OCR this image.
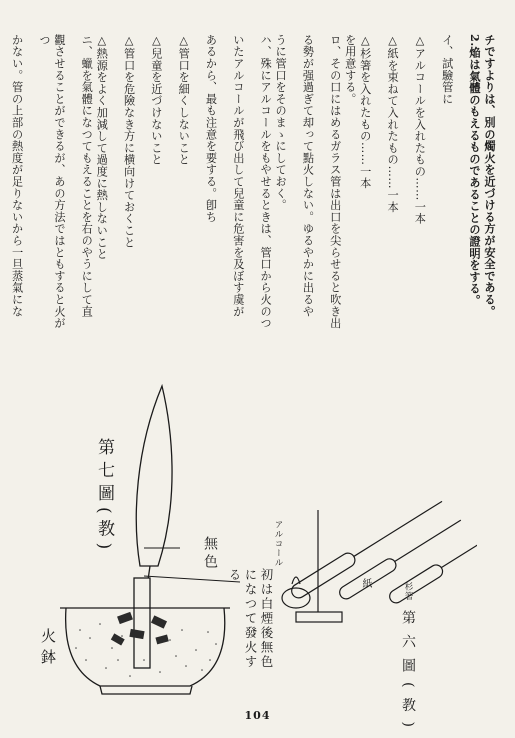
チですよりは、別の燭火を近づける方が安全である。
2.焔は氣體のもえるものであることの證明をする。
イ、試驗管に
△アルコールを入れたもの……一本
△紙を束ねて入れたもの……一本
△杉箸を入れたもの……一本
を用意する。
ロ、その口にはめるガラス管は出口を尖らせると吹き出
る勢が强過ぎて却って點火しない。ゆるやかに出るや
うに管口をそのまゝにしておく。
ハ、殊にアルコールをもやせるときは、管口から火のつ
いたアルコールが飛び出して兒童に危害を及ぼす虞が
あるから、最も注意を要する。卽ち
△管口を細くしないこと
△兒童を近づけないこと
△管口を危險なき方に横向けておくこと
△熱源をよく加減して過度に熱しないこと
ニ、蠟を氣體になつてもえることを右のやうにして直
觀させることができるが、あの方法ではともすると火がつ
かない。管の上部の熱度が足りないから一旦蒸氣にな
第七圖(教)	無色
初は白煙後無色になつて發火する
火鉢
アルコール
紙	杉箸
第六圖(教)
104
